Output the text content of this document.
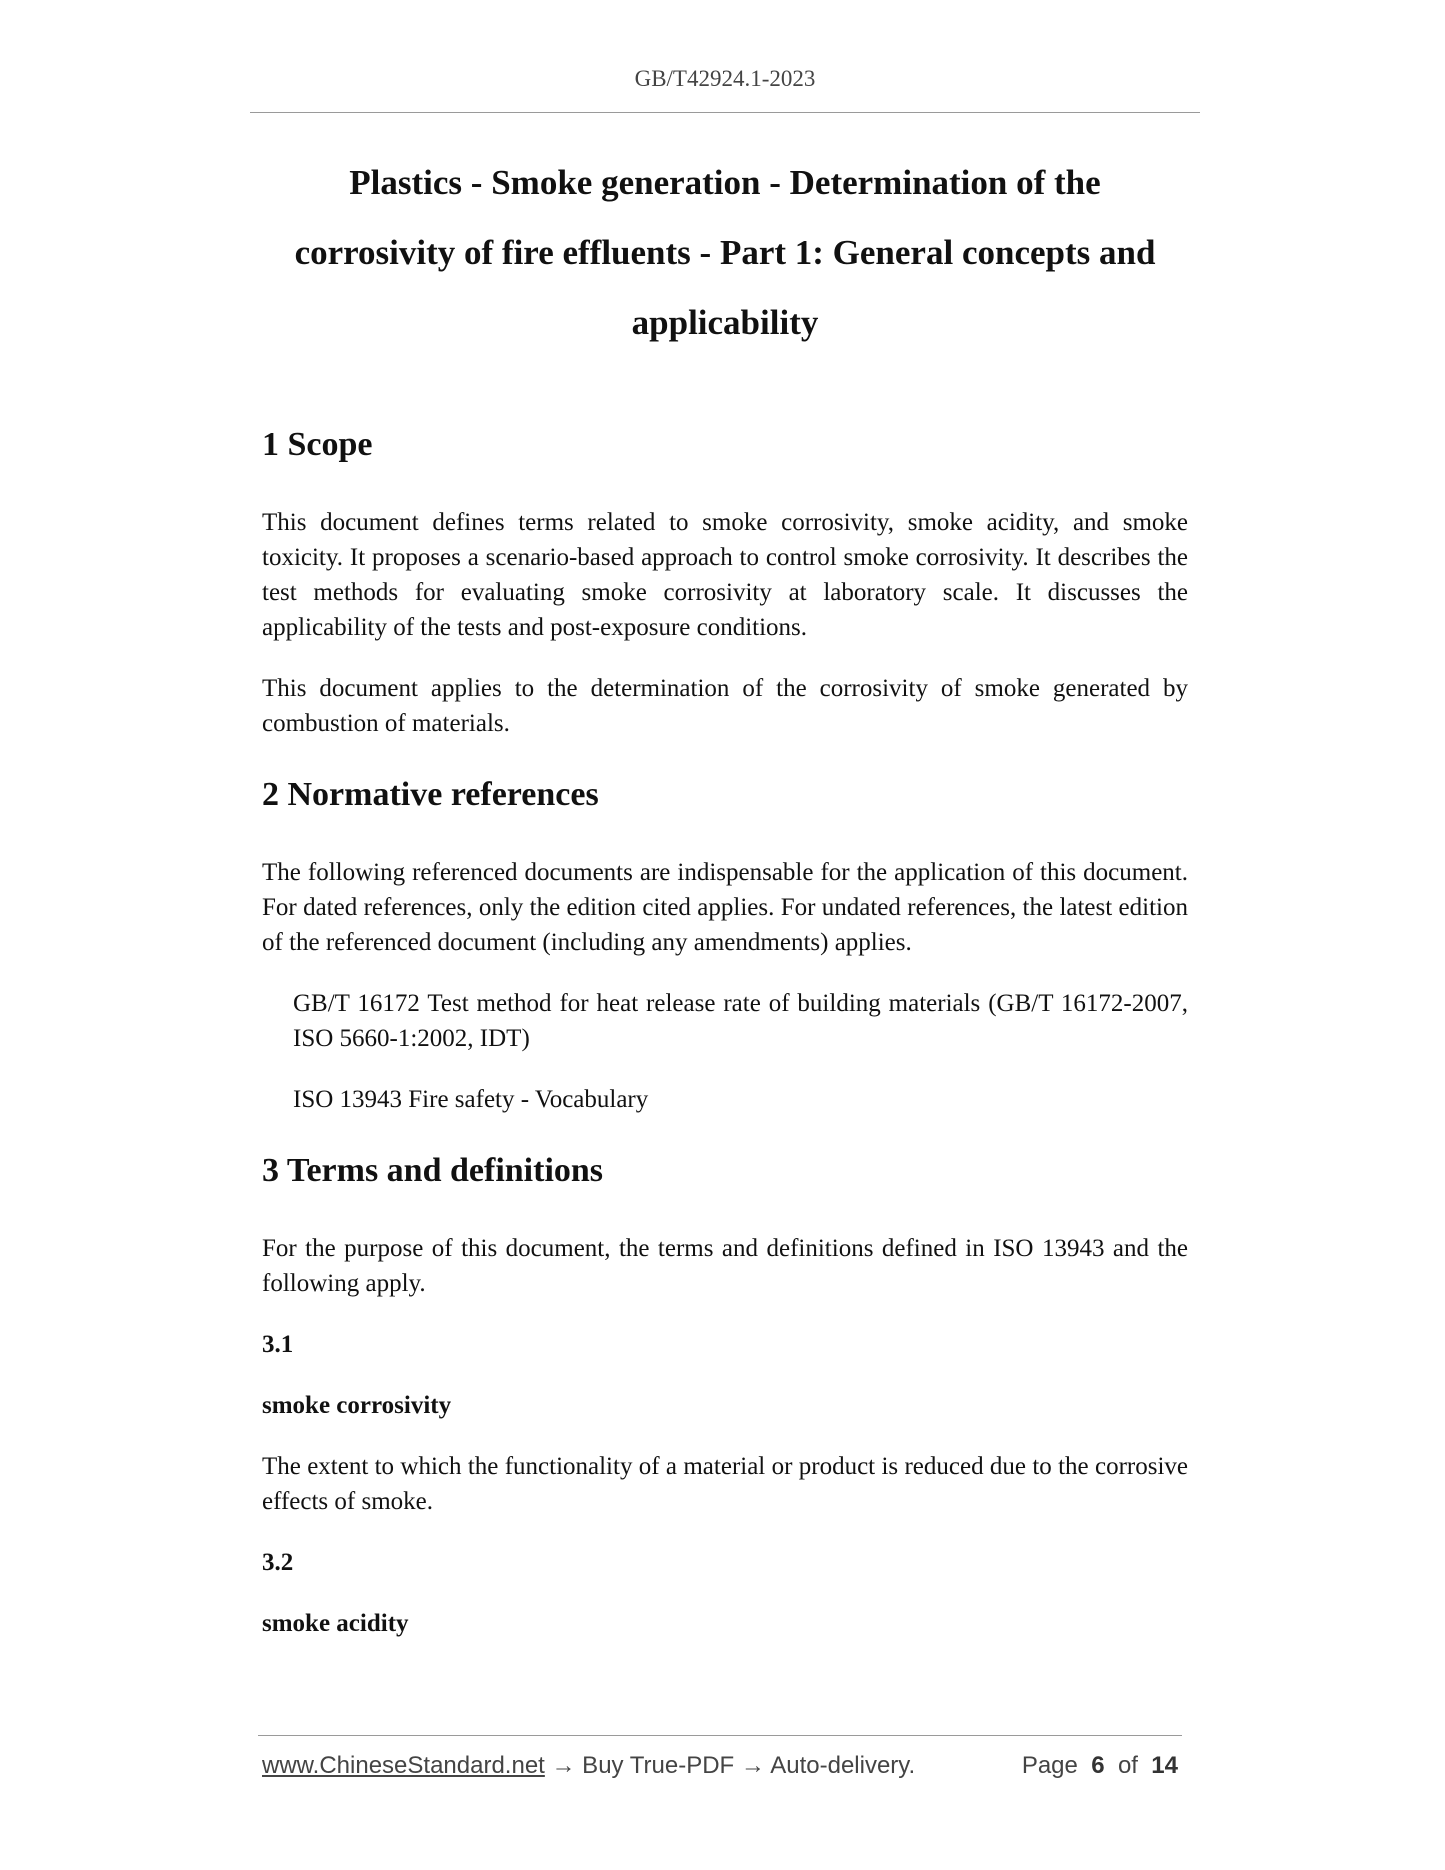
GB/T42924.1-2023
Plastics - Smoke generation - Determination of the
corrosivity of fire effluents - Part 1: General concepts and
applicability
1 Scope

This document defines terms related to smoke corrosivity, smoke acidity, and smoke toxicity. It proposes a scenario-based approach to control smoke corrosivity. It describes the test methods for evaluating smoke corrosivity at laboratory scale. It discusses the applicability of the tests and post-exposure conditions.

This document applies to the determination of the corrosivity of smoke generated by combustion of materials.

2 Normative references

The following referenced documents are indispensable for the application of this document. For dated references, only the edition cited applies. For undated references, the latest edition of the referenced document (including any amendments) applies.

GB/T 16172 Test method for heat release rate of building materials (GB/T 16172-2007, ISO 5660-1:2002, IDT)

ISO 13943 Fire safety - Vocabulary

3 Terms and definitions

For the purpose of this document, the terms and definitions defined in ISO 13943 and the following apply.

3.1
smoke corrosivity

The extent to which the functionality of a material or product is reduced due to the corrosive effects of smoke.

3.2
smoke acidity
www.ChineseStandard.net → Buy True-PDF → Auto-delivery.	Page 6 of 14
